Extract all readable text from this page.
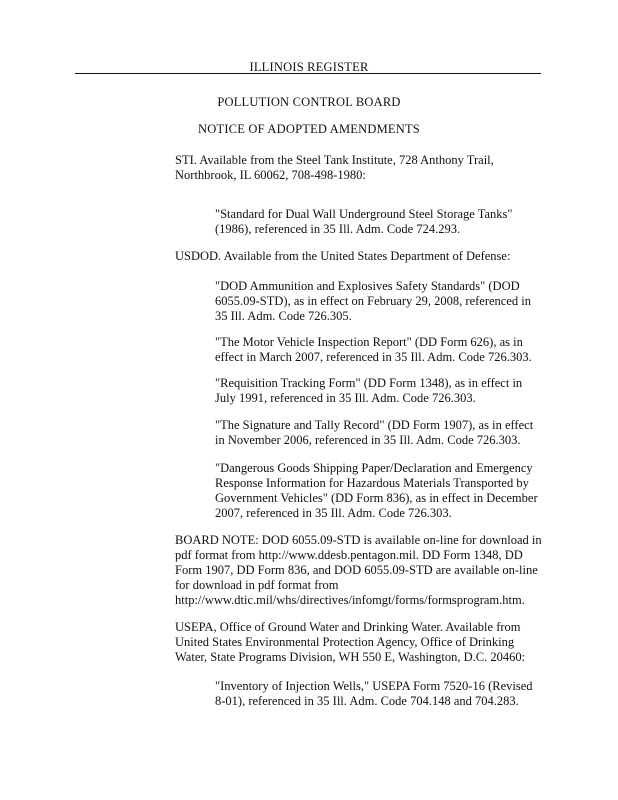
ILLINOIS REGISTER
POLLUTION CONTROL BOARD
NOTICE OF ADOPTED AMENDMENTS
STI. Available from the Steel Tank Institute, 728 Anthony Trail, Northbrook, IL 60062, 708-498-1980:
"Standard for Dual Wall Underground Steel Storage Tanks" (1986), referenced in 35 Ill. Adm. Code 724.293.
USDOD. Available from the United States Department of Defense:
"DOD Ammunition and Explosives Safety Standards" (DOD 6055.09-STD), as in effect on February 29, 2008, referenced in 35 Ill. Adm. Code 726.305.
"The Motor Vehicle Inspection Report" (DD Form 626), as in effect in March 2007, referenced in 35 Ill. Adm. Code 726.303.
"Requisition Tracking Form" (DD Form 1348), as in effect in July 1991, referenced in 35 Ill. Adm. Code 726.303.
"The Signature and Tally Record" (DD Form 1907), as in effect in November 2006, referenced in 35 Ill. Adm. Code 726.303.
"Dangerous Goods Shipping Paper/Declaration and Emergency Response Information for Hazardous Materials Transported by Government Vehicles" (DD Form 836), as in effect in December 2007, referenced in 35 Ill. Adm. Code 726.303.
BOARD NOTE: DOD 6055.09-STD is available on-line for download in pdf format from http://www.ddesb.pentagon.mil. DD Form 1348, DD Form 1907, DD Form 836, and DOD 6055.09-STD are available on-line for download in pdf format from http://www.dtic.mil/whs/directives/infomgt/forms/formsprogram.htm.
USEPA, Office of Ground Water and Drinking Water. Available from United States Environmental Protection Agency, Office of Drinking Water, State Programs Division, WH 550 E, Washington, D.C. 20460:
"Inventory of Injection Wells," USEPA Form 7520-16 (Revised 8-01), referenced in 35 Ill. Adm. Code 704.148 and 704.283.
